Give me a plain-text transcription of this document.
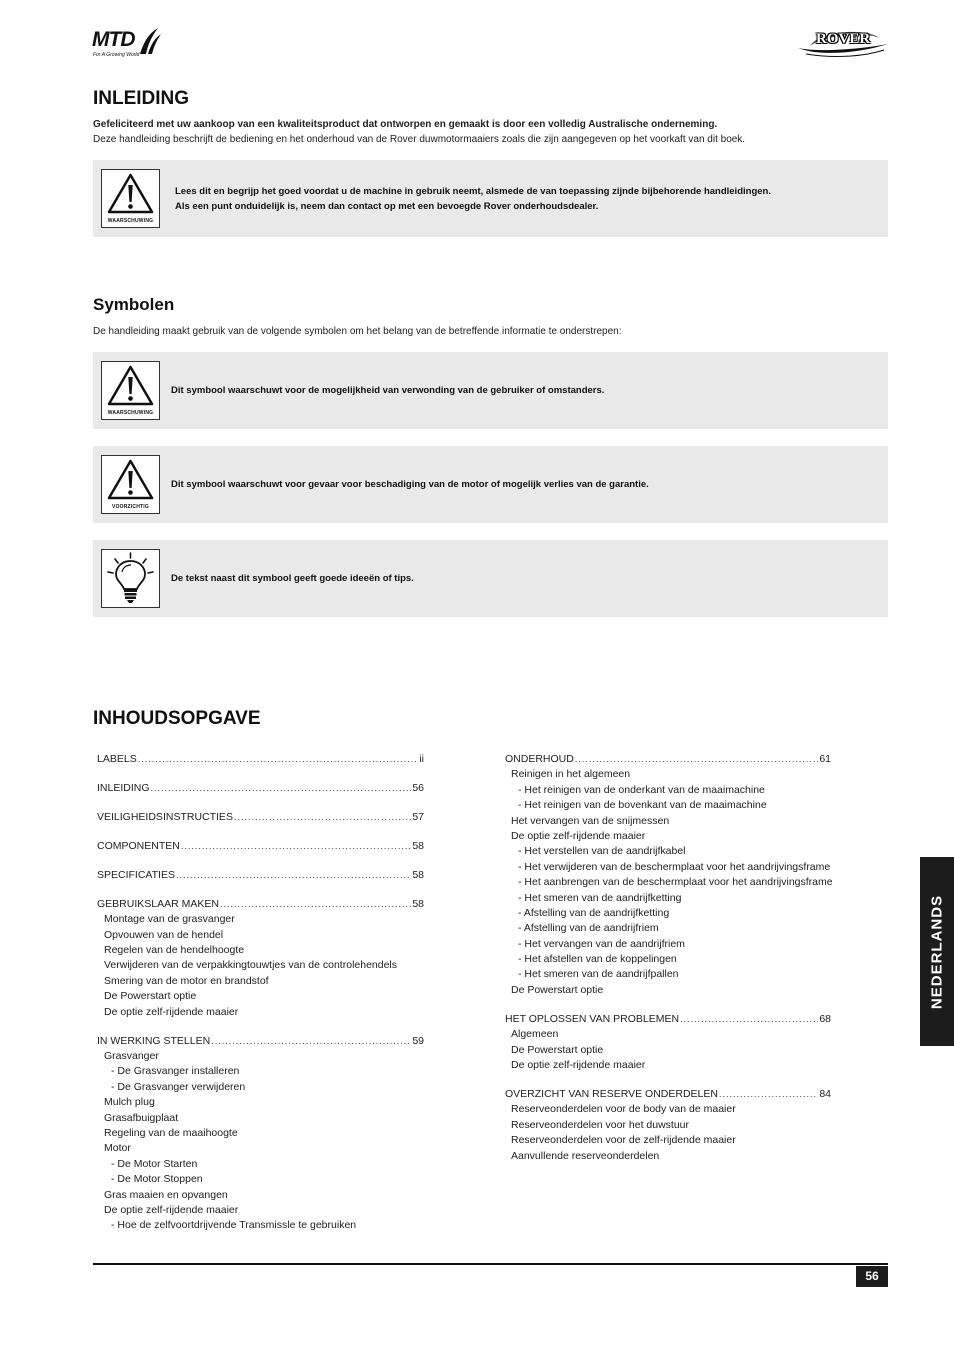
MTD
For A Growing World
ROVER
INLEIDING
Gefeliciteerd met uw aankoop van een kwaliteitsproduct dat ontworpen en gemaakt is door een volledig Australische onderneming.
Deze handleiding beschrijft de bediening en het onderhoud van de Rover duwmotormaaiers zoals die zijn aangegeven op het voorkaft van dit boek.
WAARSCHUWING
Lees dit en begrijp het goed voordat u de machine in gebruik neemt, alsmede de van toepassing zijnde bijbehorende handleidingen.
Als een punt onduidelijk is, neem dan contact op met een bevoegde Rover onderhoudsdealer.
Symbolen
De handleiding maakt gebruik van de volgende symbolen om het belang van de betreffende informatie te onderstrepen:
WAARSCHUWING
Dit symbool waarschuwt voor de mogelijkheid van verwonding van de gebruiker of omstanders.
VOORZICHTIG
Dit symbool waarschuwt voor gevaar voor beschadiging van de motor of mogelijk verlies van de garantie.
De tekst naast dit symbool geeft goede ideeën of tips.
INHOUDSOPGAVE
LABELS .....	ii
INLEIDING .....	56
VEILIGHEIDSINSTRUCTIES .....	57
COMPONENTEN .....	58
SPECIFICATIES .....	58
GEBRUIKSLAAR MAKEN .....	58
Montage van de grasvanger
Opvouwen van de hendel
Regelen van de hendelhoogte
Verwijderen van de verpakkingtouwtjes van de controlehendels
Smering van de motor en brandstof
De Powerstart optie
De optie zelf-rijdende maaier
IN WERKING STELLEN .....	59
Grasvanger
- De Grasvanger installeren
- De Grasvanger verwijderen
Mulch plug
Grasafbuigplaat
Regeling van de maaihoogte
Motor
- De Motor Starten
- De Motor Stoppen
Gras maaien en opvangen
De optie zelf-rijdende maaier
- Hoe de zelfvoortdrijvende Transmissle te gebruiken
ONDERHOUD .....	61
Reinigen in het algemeen
- Het reinigen van de onderkant van de maaimachine
- Het reinigen van de bovenkant van de maaimachine
Het vervangen van de snijmessen
De optie zelf-rijdende maaier
- Het verstellen van de aandrijfkabel
- Het verwijderen van de beschermplaat voor het aandrijvingsframe
- Het aanbrengen van de beschermplaat voor het aandrijvingsframe
- Het smeren van de aandrijfketting
- Afstelling van de aandrijfketting
- Afstelling van de aandrijfriem
- Het vervangen van de aandrijfriem
- Het afstellen van de koppelingen
- Het smeren van de aandrijfpallen
De Powerstart optie
HET OPLOSSEN VAN PROBLEMEN .....	68
Algemeen
De Powerstart optie
De optie zelf-rijdende maaier
OVERZICHT VAN RESERVE ONDERDELEN .....	84
Reserveonderdelen voor de body van de maaier
Reserveonderdelen voor het duwstuur
Reserveonderdelen voor de zelf-rijdende maaier
Aanvullende reserveonderdelen
NEDERLANDS
56
